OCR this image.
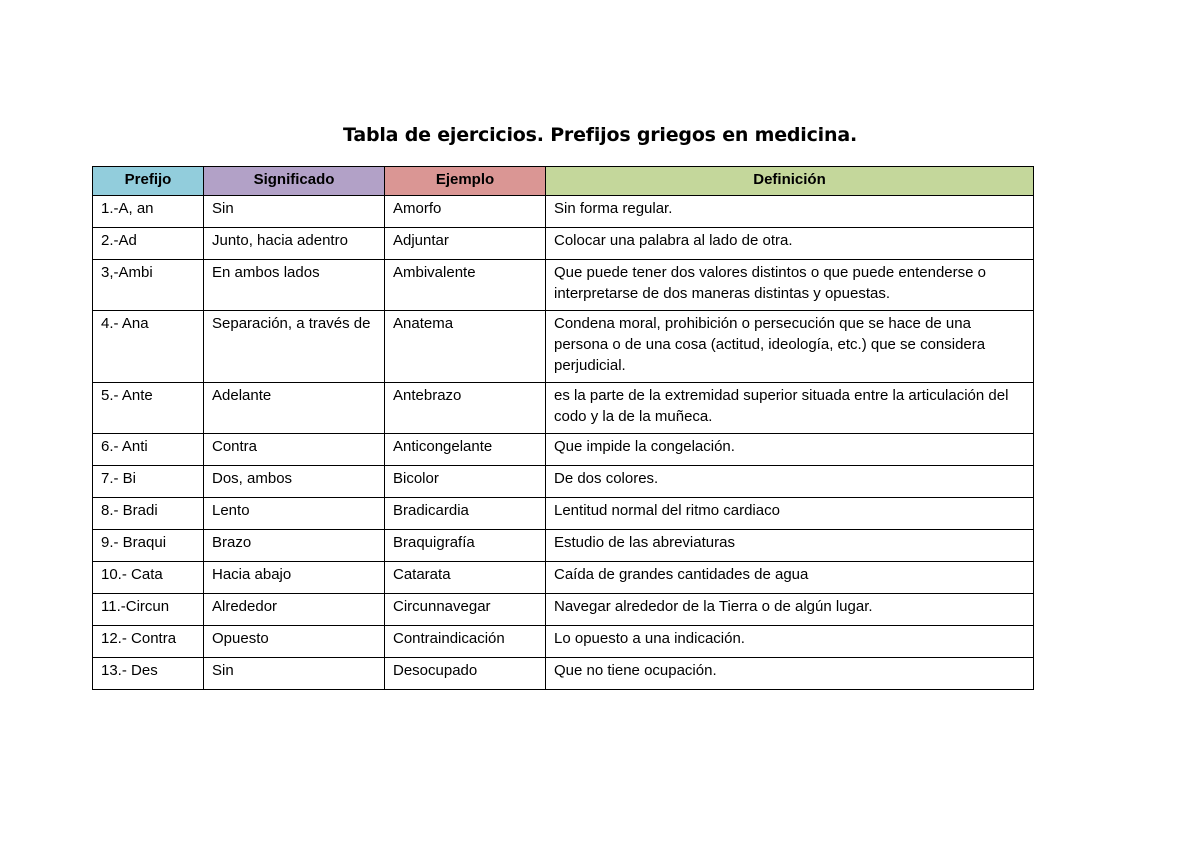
Tabla de ejercicios. Prefijos griegos en medicina.
Prefijo	Significado	Ejemplo	Definición
1.-A, an	Sin	Amorfo	Sin forma regular.
2.-Ad	Junto, hacia adentro	Adjuntar	Colocar una palabra al lado de otra.
3,-Ambi	En ambos lados	Ambivalente	Que puede tener dos valores distintos o que puede entenderse o interpretarse de dos maneras distintas y opuestas.
4.- Ana	Separación, a través de	Anatema	Condena moral, prohibición o persecución que se hace de una persona o de una cosa (actitud, ideología, etc.) que se considera perjudicial.
5.- Ante	Adelante	Antebrazo	es la parte de la extremidad superior situada entre la articulación del codo y la de la muñeca.
6.- Anti	Contra	Anticongelante	Que impide la congelación.
7.- Bi	Dos, ambos	Bicolor	De dos colores.
8.- Bradi	Lento	Bradicardia	Lentitud normal del ritmo cardiaco
9.- Braqui	Brazo	Braquigrafía	Estudio de las abreviaturas
10.- Cata	Hacia abajo	Catarata	Caída de grandes cantidades de agua
11.-Circun	Alrededor	Circunnavegar	Navegar alrededor de la Tierra o de algún lugar.
12.- Contra	Opuesto	Contraindicación	Lo opuesto a una indicación.
13.- Des	Sin	Desocupado	Que no tiene ocupación.
